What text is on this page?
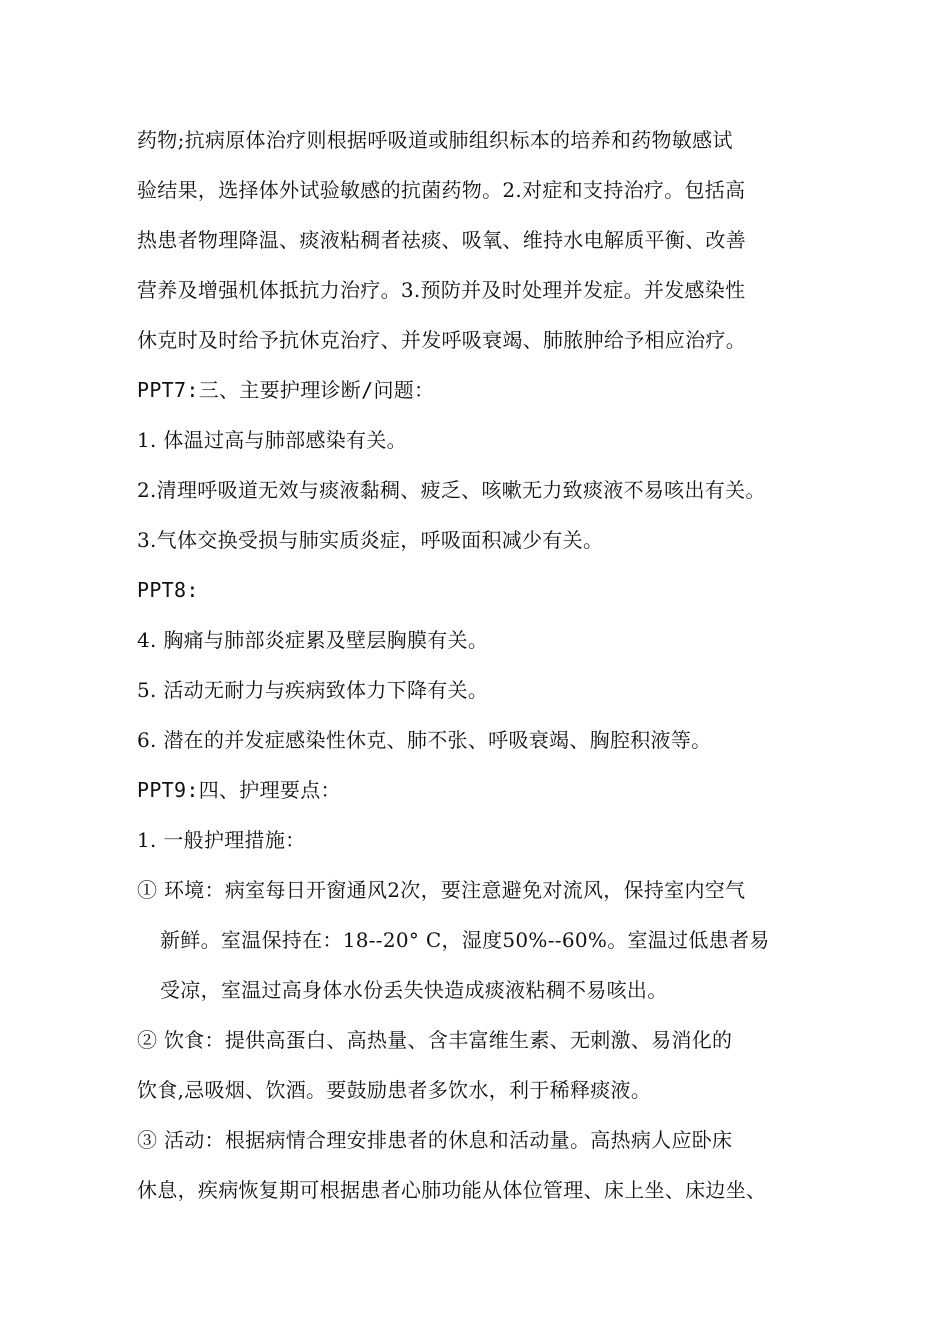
药物;抗病原体治疗则根据呼吸道或肺组织标本的培养和药物敏感试
验结果，选择体外试验敏感的抗菌药物。2.对症和支持治疗。包括高
热患者物理降温、痰液粘稠者祛痰、吸氧、维持水电解质平衡、改善
营养及增强机体抵抗力治疗。3.预防并及时处理并发症。并发感染性
休克时及时给予抗休克治疗、并发呼吸衰竭、肺脓肿给予相应治疗。
PPT7:三、主要护理诊断/问题：
1. 体温过高与肺部感染有关。
2.清理呼吸道无效与痰液黏稠、疲乏、咳嗽无力致痰液不易咳出有关。
3.气体交换受损与肺实质炎症，呼吸面积减少有关。
PPT8:
4. 胸痛与肺部炎症累及壁层胸膜有关。
5. 活动无耐力与疾病致体力下降有关。
6. 潜在的并发症感染性休克、肺不张、呼吸衰竭、胸腔积液等。
PPT9:四、护理要点：
1. 一般护理措施：
① 环境：病室每日开窗通风2次，要注意避免对流风，保持室内空气
新鲜。室温保持在：18--20° C，湿度50%--60%。室温过低患者易
受凉，室温过高身体水份丢失快造成痰液粘稠不易咳出。
② 饮食：提供高蛋白、高热量、含丰富维生素、无刺激、易消化的
饮食,忌吸烟、饮酒。要鼓励患者多饮水，利于稀释痰液。
③ 活动：根据病情合理安排患者的休息和活动量。高热病人应卧床
休息，疾病恢复期可根据患者心肺功能从体位管理、床上坐、床边坐、
